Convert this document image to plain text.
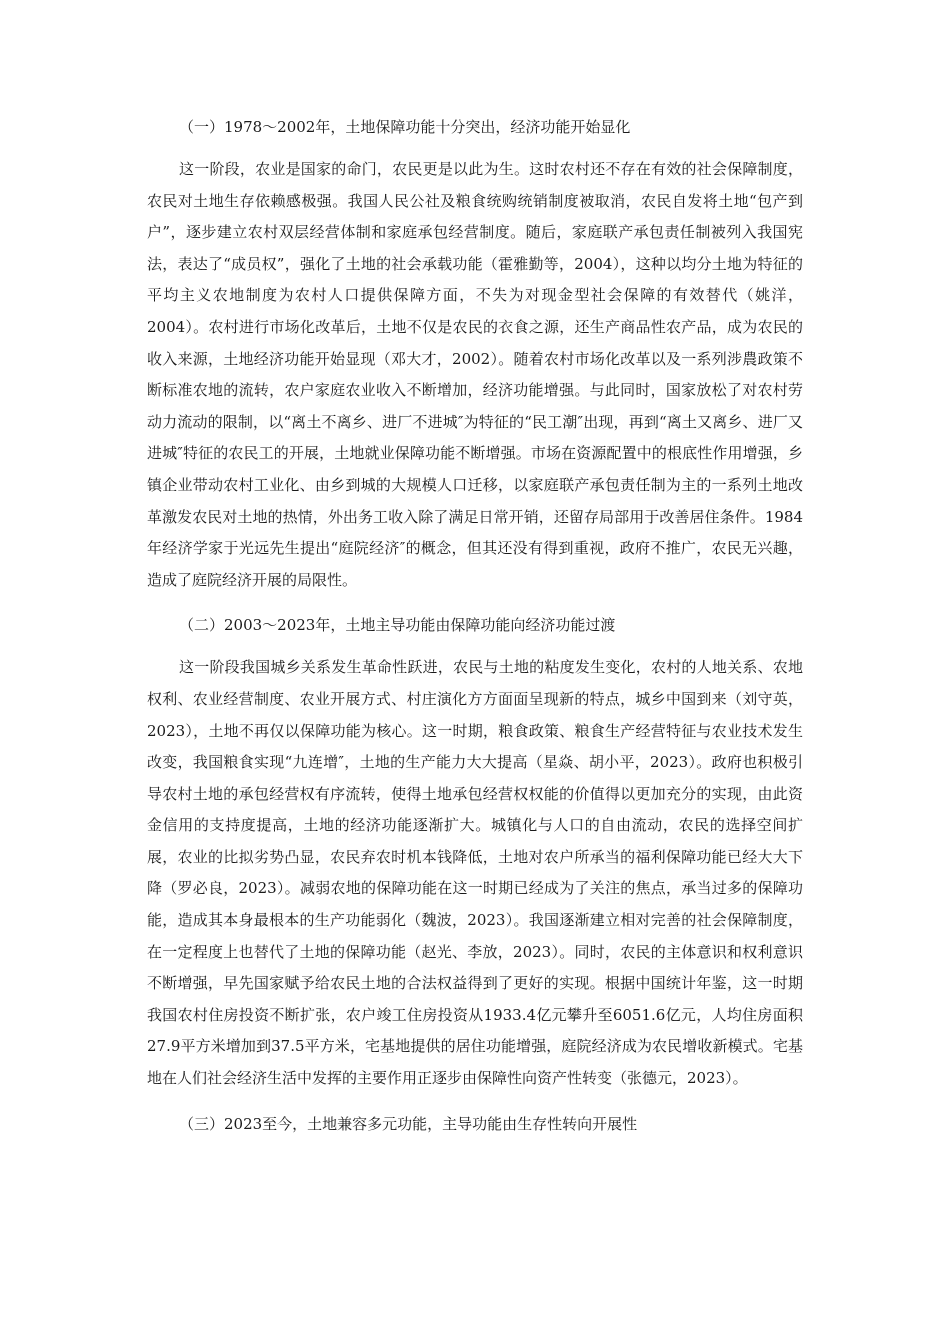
（一）1978～2002年，土地保障功能十分突出，经济功能开始显化

这一阶段，农业是国家的命门，农民更是以此为生。这时农村还不存在有效的社会保障制度，农民对土地生存依赖感极强。我国人民公社及粮食统购统销制度被取消，农民自发将土地“包产到户”，逐步建立农村双层经营体制和家庭承包经营制度。随后，家庭联产承包责任制被列入我国宪法，表达了“成员权”，强化了土地的社会承载功能（霍雅勤等，2004），这种以均分土地为特征的平均主义农地制度为农村人口提供保障方面，不失为对现金型社会保障的有效替代（姚洋，2004）。农村进行市场化改革后，土地不仅是农民的衣食之源，还生产商品性农产品，成为农民的收入来源，土地经济功能开始显现（邓大才，2002）。随着农村市场化改革以及一系列涉農政策不断标准农地的流转，农户家庭农业收入不断增加，经济功能增强。与此同时，国家放松了对农村劳动力流动的限制，以“离土不离乡、进厂不进城″为特征的“民工潮″出现，再到“离土又离乡、进厂又进城″特征的农民工的开展，土地就业保障功能不断增强。市场在资源配置中的根底性作用增强，乡镇企业带动农村工业化、由乡到城的大规模人口迁移，以家庭联产承包责任制为主的一系列土地改革激发农民对土地的热情，外出务工收入除了满足日常开销，还留存局部用于改善居住条件。1984年经济学家于光远先生提出“庭院经济″的概念，但其还没有得到重视，政府不推广，农民无兴趣，造成了庭院经济开展的局限性。

（二）2003～2023年，土地主导功能由保障功能向经济功能过渡

这一阶段我国城乡关系发生革命性跃进，农民与土地的粘度发生变化，农村的人地关系、农地权利、农业经营制度、农业开展方式、村庄演化方方面面呈现新的特点，城乡中国到来（刘守英，2023），土地不再仅以保障功能为核心。这一时期，粮食政策、粮食生产经营特征与农业技术发生改变，我国粮食实现“九连增″，土地的生产能力大大提高（星焱、胡小平，2023）。政府也积极引导农村土地的承包经营权有序流转，使得土地承包经营权权能的价值得以更加充分的实现，由此资金信用的支持度提高，土地的经济功能逐渐扩大。城镇化与人口的自由流动，农民的选择空间扩展，农业的比拟劣势凸显，农民弃农时机本钱降低，土地对农户所承当的福利保障功能已经大大下降（罗必良，2023）。减弱农地的保障功能在这一时期已经成为了关注的焦点，承当过多的保障功能，造成其本身最根本的生产功能弱化（魏波，2023）。我国逐渐建立相对完善的社会保障制度，在一定程度上也替代了土地的保障功能（赵光、李放，2023）。同时，农民的主体意识和权利意识不断增强，早先国家赋予给农民土地的合法权益得到了更好的实现。根据中国统计年鉴，这一时期我国农村住房投资不断扩张，农户竣工住房投资从1933.4亿元攀升至6051.6亿元，人均住房面积27.9平方米增加到37.5平方米，宅基地提供的居住功能增强，庭院经济成为农民增收新模式。宅基地在人们社会经济生活中发挥的主要作用正逐步由保障性向资产性转变（张德元，2023）。

（三）2023至今，土地兼容多元功能，主导功能由生存性转向开展性
